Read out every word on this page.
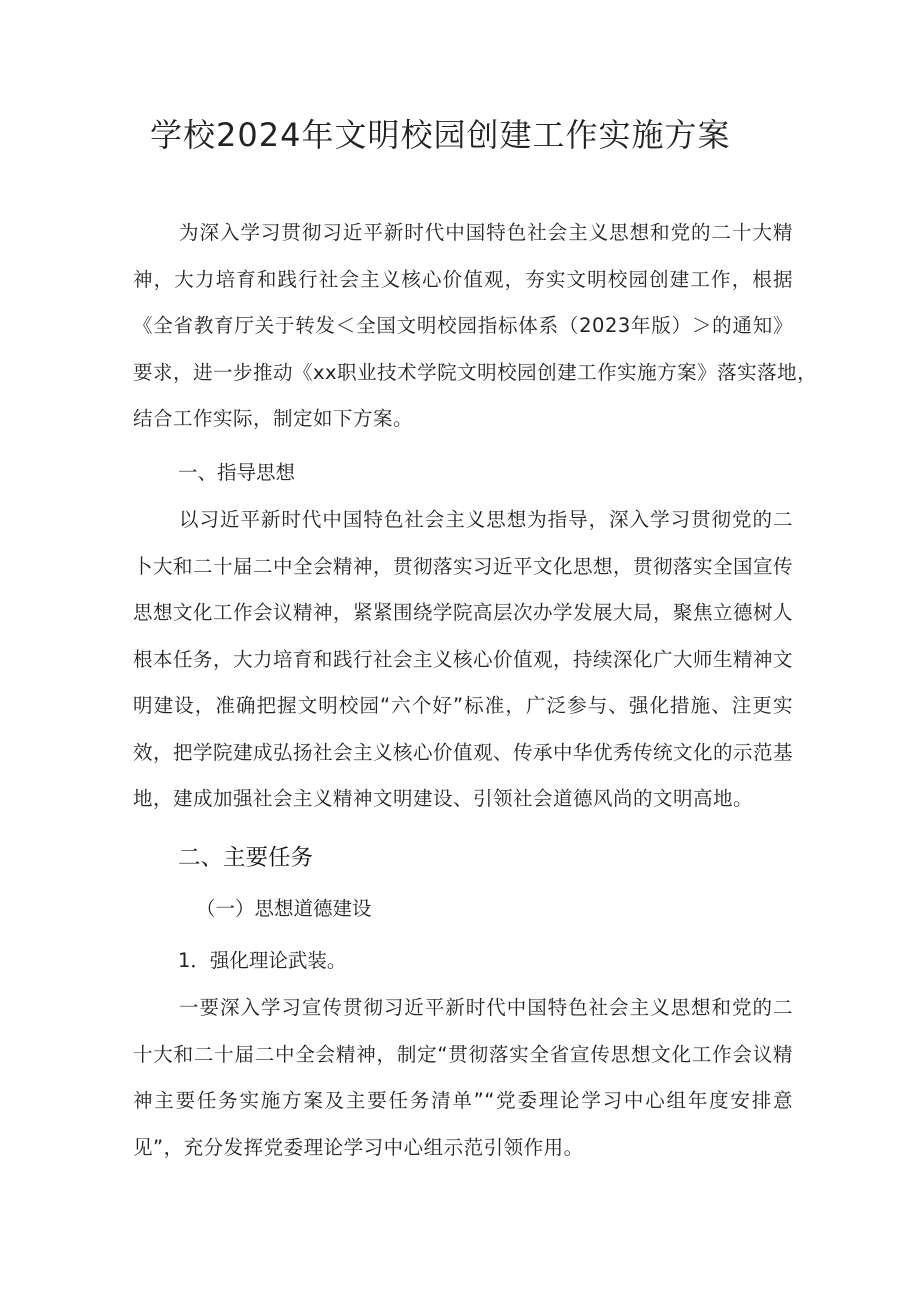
学校2024年文明校园创建工作实施方案
为深入学习贯彻习近平新时代中国特色社会主义思想和党的二十大精
神，大力培育和践行社会主义核心价值观，夯实文明校园创建工作，根据
《全省教育厅关于转发＜全国文明校园指标体系（2023年版）＞的通知》
要求，进一步推动《xx职业技术学院文明校园创建工作实施方案》落实落地，
结合工作实际，制定如下方案。
一、指导思想
以习近平新时代中国特色社会主义思想为指导，深入学习贯彻党的二
卜大和二十届二中全会精神，贯彻落实习近平文化思想，贯彻落实全国宣传
思想文化工作会议精神，紧紧围绕学院高层次办学发展大局，聚焦立德树人
根本任务，大力培育和践行社会主义核心价值观，持续深化广大师生精神文
明建设，准确把握文明校园“六个好”标准，广泛参与、强化措施、注更实
效，把学院建成弘扬社会主义核心价值观、传承中华优秀传统文化的示范基
地，建成加强社会主义精神文明建设、引领社会道德风尚的文明高地。
二、主要任务
（一）思想道德建设
1．强化理论武装。
一要深入学习宣传贯彻习近平新时代中国特色社会主义思想和党的二
十大和二十届二中全会精神，制定“贯彻落实全省宣传思想文化工作会议精
神主要任务实施方案及主要任务清单”“党委理论学习中心组年度安排意
见”，充分发挥党委理论学习中心组示范引领作用。
